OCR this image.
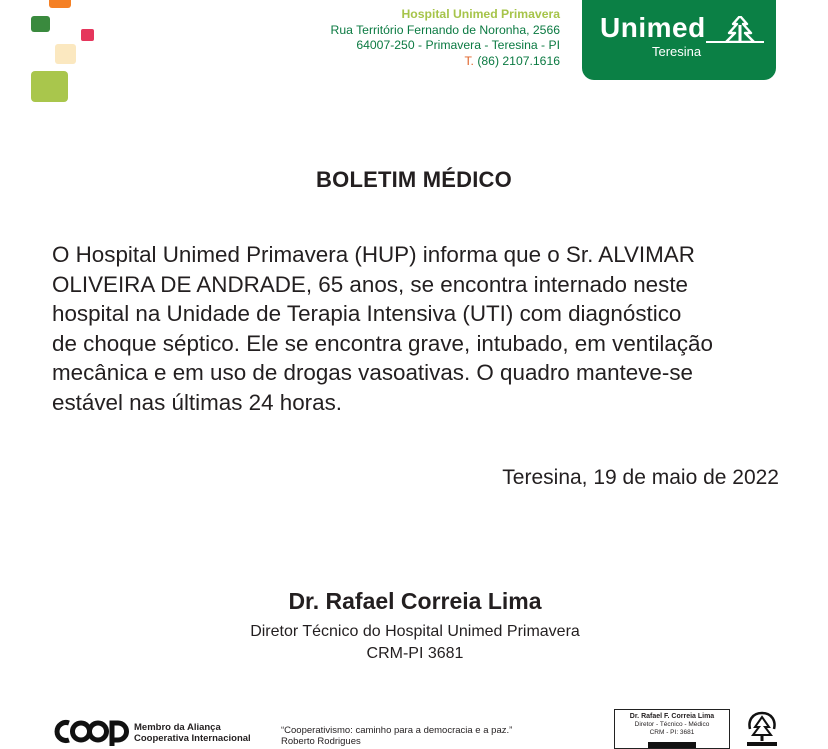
Hospital Unimed Primavera
Rua Território Fernando de Noronha, 2566
64007-250 - Primavera - Teresina - PI
T. (86) 2107.1616
Unimed
Teresina
BOLETIM MÉDICO

O Hospital Unimed Primavera (HUP) informa que o Sr. ALVIMAR
OLIVEIRA DE ANDRADE, 65 anos, se encontra internado neste
hospital na Unidade de Terapia Intensiva (UTI) com diagnóstico
de choque séptico. Ele se encontra grave, intubado, em ventilação
mecânica e em uso de drogas vasoativas. O quadro manteve-se
estável nas últimas 24 horas.

Teresina, 19 de maio de 2022
Dr. Rafael Correia Lima
Diretor Técnico do Hospital Unimed Primavera
CRM-PI 3681
Membro da Aliança
Cooperativa Internacional
“Cooperativismo: caminho para a democracia e a paz.”
Roberto Rodrigues
Dr. Rafael F. Correia Lima
Diretor - Técnico - Médico
CRM - PI: 3681
